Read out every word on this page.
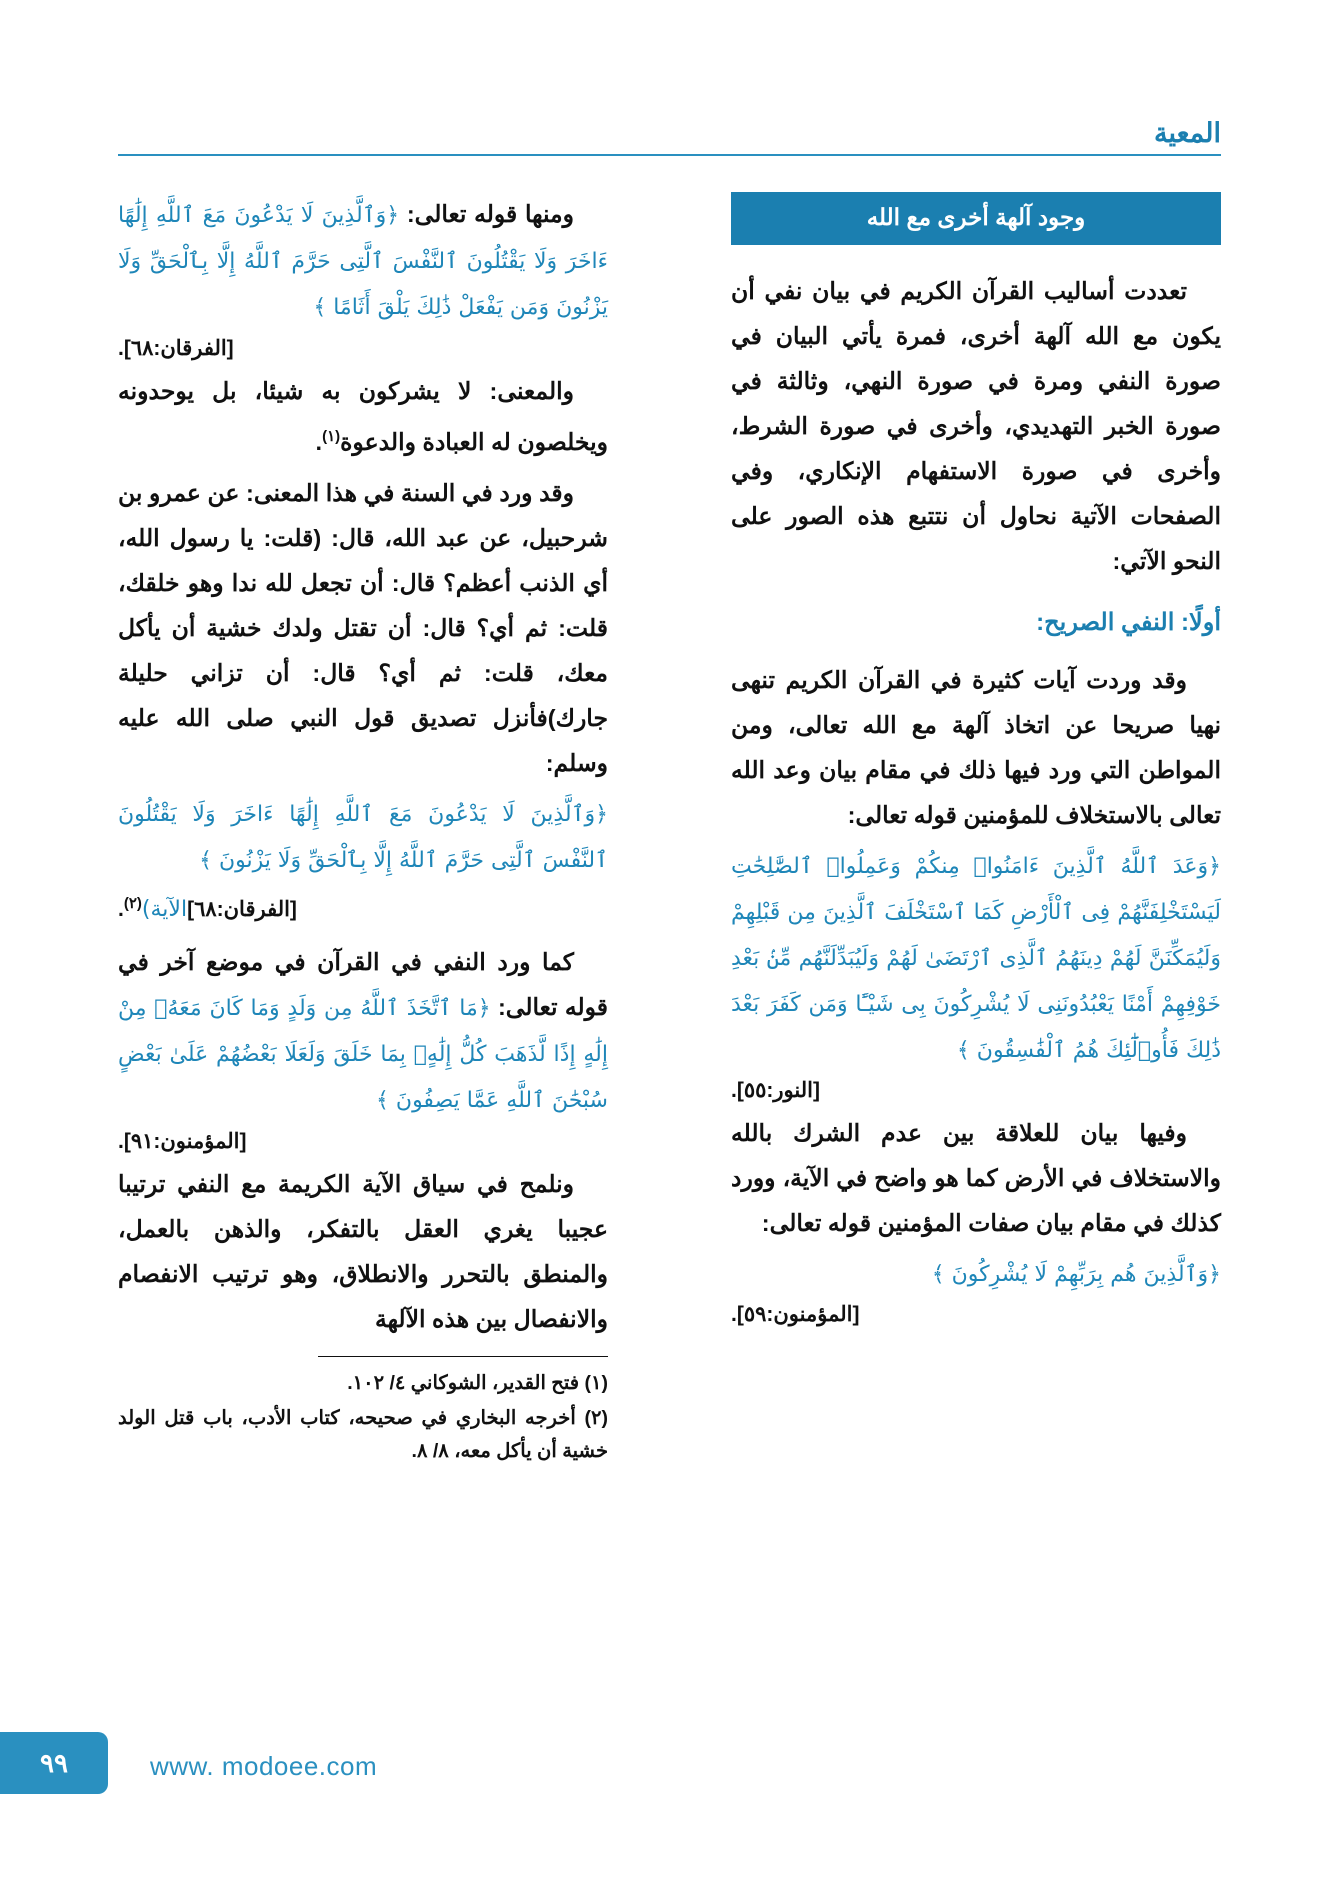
المعية
وجود آلهة أخرى مع الله

تعددت أساليب القرآن الكريم في بيان نفي أن يكون مع الله آلهة أخرى، فمرة يأتي البيان في صورة النفي ومرة في صورة النهي، وثالثة في صورة الخبر التهديدي، وأخرى في صورة الشرط، وأخرى في صورة الاستفهام الإنكاري، وفي الصفحات الآتية نحاول أن نتتبع هذه الصور على النحو الآتي:

أولًا: النفي الصريح:

وقد وردت آيات كثيرة في القرآن الكريم تنهى نهيا صريحا عن اتخاذ آلهة مع الله تعالى، ومن المواطن التي ورد فيها ذلك في مقام بيان وعد الله تعالى بالاستخلاف للمؤمنين قوله تعالى:

﴿وَعَدَ ٱللَّهُ ٱلَّذِينَ ءَامَنُوا۟ مِنكُمْ وَعَمِلُوا۟ ٱلصَّٰلِحَٰتِ لَيَسْتَخْلِفَنَّهُمْ فِى ٱلْأَرْضِ كَمَا ٱسْتَخْلَفَ ٱلَّذِينَ مِن قَبْلِهِمْ وَلَيُمَكِّنَنَّ لَهُمْ دِينَهُمُ ٱلَّذِى ٱرْتَضَىٰ لَهُمْ وَلَيُبَدِّلَنَّهُم مِّنۢ بَعْدِ خَوْفِهِمْ أَمْنًا يَعْبُدُونَنِى لَا يُشْرِكُونَ بِى شَيْـًٔا وَمَن كَفَرَ بَعْدَ ذَٰلِكَ فَأُو۟لَٰٓئِكَ هُمُ ٱلْفَٰسِقُونَ ﴾

[النور:٥٥].

وفيها بيان للعلاقة بين عدم الشرك بالله والاستخلاف في الأرض كما هو واضح في الآية، وورد كذلك في مقام بيان صفات المؤمنين قوله تعالى:

﴿وَٱلَّذِينَ هُم بِرَبِّهِمْ لَا يُشْرِكُونَ ﴾

[المؤمنون:٥٩].

ومنها قوله تعالى: ﴿وَٱلَّذِينَ لَا يَدْعُونَ مَعَ ٱللَّهِ إِلَٰهًا ءَاخَرَ وَلَا يَقْتُلُونَ ٱلنَّفْسَ ٱلَّتِى حَرَّمَ ٱللَّهُ إِلَّا بِٱلْحَقِّ وَلَا يَزْنُونَ وَمَن يَفْعَلْ ذَٰلِكَ يَلْقَ أَثَامًا ﴾

[الفرقان:٦٨].

والمعنى: لا يشركون به شيئا، بل يوحدونه ويخلصون له العبادة والدعوة$^{(١)}$.

وقد ورد في السنة في هذا المعنى: عن عمرو بن شرحبيل، عن عبد الله، قال: (قلت: يا رسول الله، أي الذنب أعظم؟ قال: أن تجعل لله ندا وهو خلقك، قلت: ثم أي؟ قال: أن تقتل ولدك خشية أن يأكل معك، قلت: ثم أي؟ قال: أن تزاني حليلة جارك)فأنزل تصديق قول النبي صلى الله عليه وسلم:

﴿وَٱلَّذِينَ لَا يَدْعُونَ مَعَ ٱللَّهِ إِلَٰهًا ءَاخَرَ وَلَا يَقْتُلُونَ ٱلنَّفْسَ ٱلَّتِى حَرَّمَ ٱللَّهُ إِلَّا بِٱلْحَقِّ وَلَا يَزْنُونَ ﴾

[الفرقان:٦٨]الآية)$^{(٢)}$.

كما ورد النفي في القرآن في موضع آخر في قوله تعالى: ﴿مَا ٱتَّخَذَ ٱللَّهُ مِن وَلَدٍ وَمَا كَانَ مَعَهُۥ مِنْ إِلَٰهٍ إِذًا لَّذَهَبَ كُلُّ إِلَٰهٍۭ بِمَا خَلَقَ وَلَعَلَا بَعْضُهُمْ عَلَىٰ بَعْضٍ سُبْحَٰنَ ٱللَّهِ عَمَّا يَصِفُونَ ﴾

[المؤمنون:٩١].

ونلمح في سياق الآية الكريمة مع النفي ترتيبا عجيبا يغري العقل بالتفكر، والذهن بالعمل، والمنطق بالتحرر والانطلاق، وهو ترتيب الانفصام والانفصال بين هذه الآلهة

(١) فتح القدير، الشوكاني ٤/ ١٠٢.

(٢) أخرجه البخاري في صحيحه، كتاب الأدب، باب قتل الولد خشية أن يأكل معه، ٨/ ٨.

٩٩	www. modoee.com
